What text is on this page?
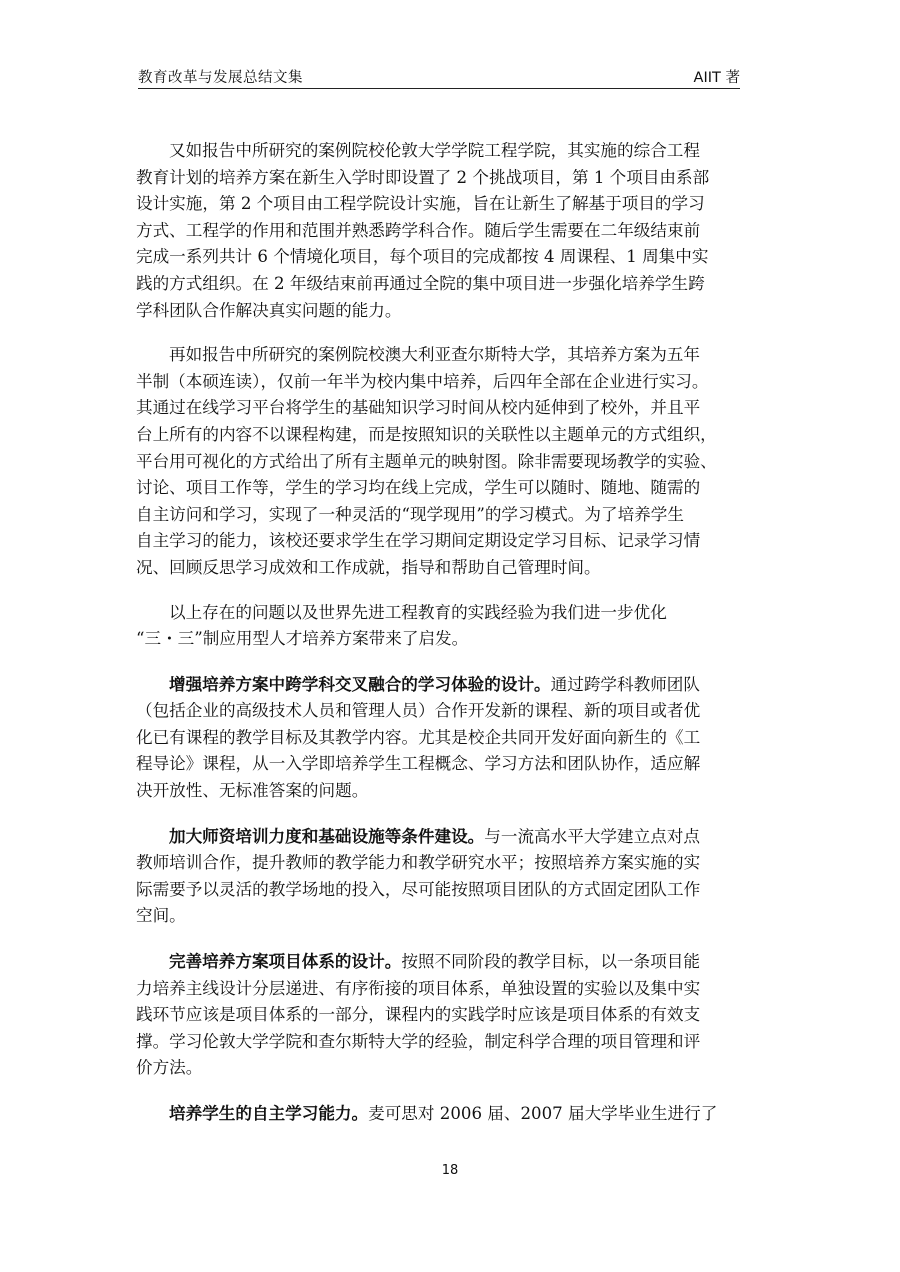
教育改革与发展总结文集	AIIT 著

又如报告中所研究的案例院校伦敦大学学院工程学院，其实施的综合工程
教育计划的培养方案在新生入学时即设置了 2 个挑战项目，第 1 个项目由系部
设计实施，第 2 个项目由工程学院设计实施，旨在让新生了解基于项目的学习
方式、工程学的作用和范围并熟悉跨学科合作。随后学生需要在二年级结束前
完成一系列共计 6 个情境化项目，每个项目的完成都按 4 周课程、1 周集中实
践的方式组织。在 2 年级结束前再通过全院的集中项目进一步强化培养学生跨
学科团队合作解决真实问题的能力。

再如报告中所研究的案例院校澳大利亚查尔斯特大学，其培养方案为五年
半制（本硕连读），仅前一年半为校内集中培养，后四年全部在企业进行实习。
其通过在线学习平台将学生的基础知识学习时间从校内延伸到了校外，并且平
台上所有的内容不以课程构建，而是按照知识的关联性以主题单元的方式组织，
平台用可视化的方式给出了所有主题单元的映射图。除非需要现场教学的实验、
讨论、项目工作等，学生的学习均在线上完成，学生可以随时、随地、随需的
自主访问和学习，实现了一种灵活的“现学现用”的学习模式。为了培养学生
自主学习的能力，该校还要求学生在学习期间定期设定学习目标、记录学习情
况、回顾反思学习成效和工作成就，指导和帮助自己管理时间。

以上存在的问题以及世界先进工程教育的实践经验为我们进一步优化
“三・三”制应用型人才培养方案带来了启发。

增强培养方案中跨学科交叉融合的学习体验的设计。通过跨学科教师团队
（包括企业的高级技术人员和管理人员）合作开发新的课程、新的项目或者优
化已有课程的教学目标及其教学内容。尤其是校企共同开发好面向新生的《工
程导论》课程，从一入学即培养学生工程概念、学习方法和团队协作，适应解
决开放性、无标准答案的问题。

加大师资培训力度和基础设施等条件建设。与一流高水平大学建立点对点
教师培训合作，提升教师的教学能力和教学研究水平；按照培养方案实施的实
际需要予以灵活的教学场地的投入，尽可能按照项目团队的方式固定团队工作
空间。

完善培养方案项目体系的设计。按照不同阶段的教学目标，以一条项目能
力培养主线设计分层递进、有序衔接的项目体系，单独设置的实验以及集中实
践环节应该是项目体系的一部分，课程内的实践学时应该是项目体系的有效支
撑。学习伦敦大学学院和查尔斯特大学的经验，制定科学合理的项目管理和评
价方法。

培养学生的自主学习能力。麦可思对 2006 届、2007 届大学毕业生进行了

18
